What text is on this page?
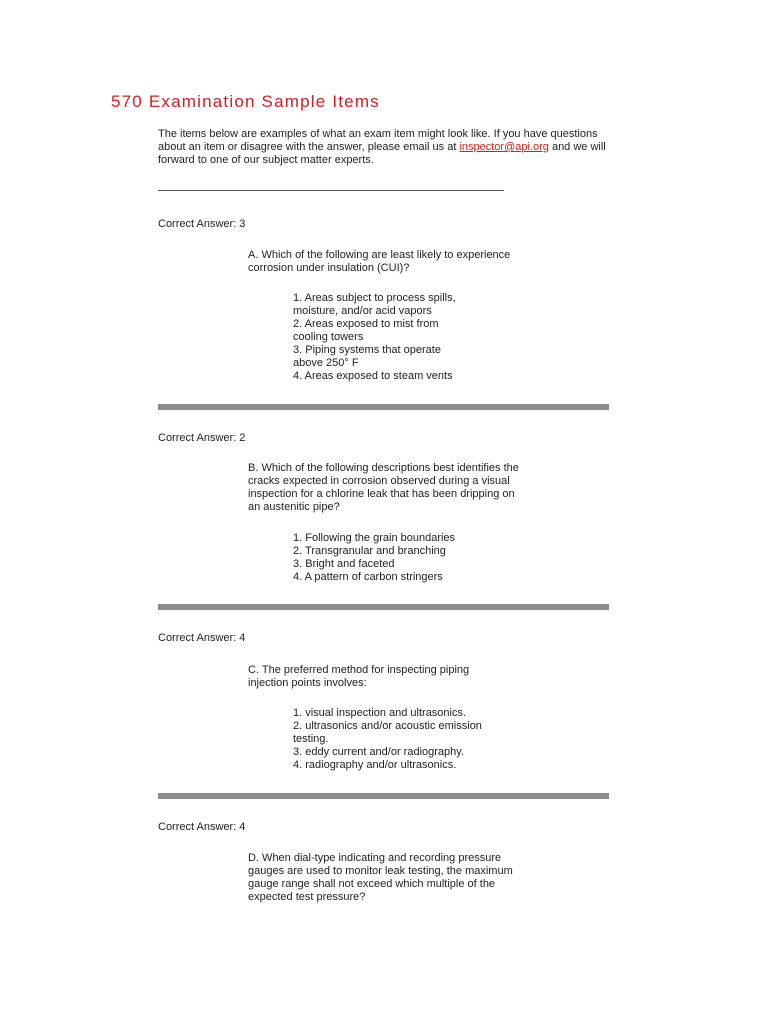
570 Examination Sample Items

The items below are examples of what an exam item might look like. If you have questions about an item or disagree with the answer, please email us at inspector@api.org and we will forward to one of our subject matter experts.

Correct Answer: 3
A. Which of the following are least likely to experience corrosion under insulation (CUI)?
1. Areas subject to process spills, moisture, and/or acid vapors
2. Areas exposed to mist from cooling towers
3. Piping systems that operate above 250° F
4. Areas exposed to steam vents
Correct Answer: 2
B. Which of the following descriptions best identifies the cracks expected in corrosion observed during a visual inspection for a chlorine leak that has been dripping on an austenitic pipe?
1. Following the grain boundaries
2. Transgranular and branching
3. Bright and faceted
4. A pattern of carbon stringers
Correct Answer: 4
C. The preferred method for inspecting piping injection points involves:
1. visual inspection and ultrasonics.
2. ultrasonics and/or acoustic emission testing.
3. eddy current and/or radiography.
4. radiography and/or ultrasonics.
Correct Answer: 4
D. When dial-type indicating and recording pressure gauges are used to monitor leak testing, the maximum gauge range shall not exceed which multiple of the expected test pressure?
